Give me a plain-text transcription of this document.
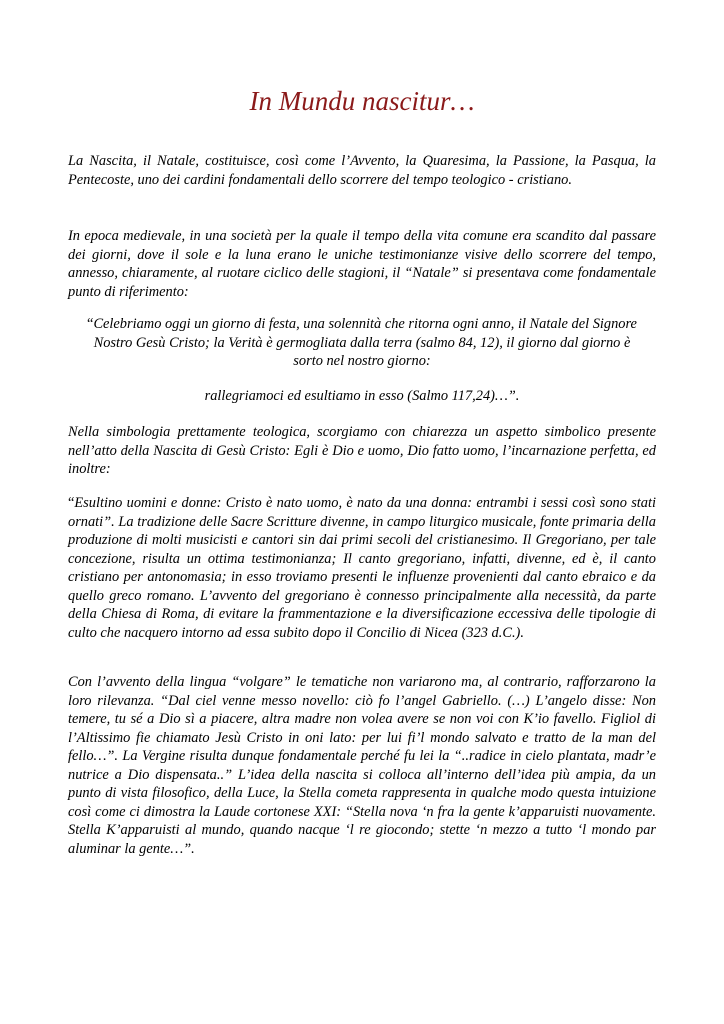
In Mundu nascitur…

La Nascita, il Natale, costituisce, così come l’Avvento, la Quaresima, la Passione, la Pasqua, la Pentecoste, uno dei cardini fondamentali dello scorrere del tempo teologico - cristiano.

In epoca medievale, in una società per la quale il tempo della vita comune era scandito dal passare dei giorni, dove il sole e la luna erano le uniche testimonianze visive dello scorrere del tempo, annesso, chiaramente, al ruotare ciclico delle stagioni, il “Natale” si presentava come fondamentale punto di riferimento:

“Celebriamo oggi un giorno di festa, una solennità che ritorna ogni anno, il Natale del Signore Nostro Gesù Cristo; la Verità è germogliata dalla terra (salmo 84, 12), il giorno dal giorno è sorto nel nostro giorno:

rallegriamoci ed esultiamo in esso (Salmo 117,24)…”.

Nella simbologia prettamente teologica, scorgiamo con chiarezza un aspetto simbolico presente nell’atto della Nascita di Gesù Cristo: Egli è Dio e uomo, Dio fatto uomo, l’incarnazione perfetta, ed inoltre:

“Esultino uomini e donne: Cristo è nato uomo, è nato da una donna: entrambi i sessi così sono stati ornati”. La tradizione delle Sacre Scritture divenne, in campo liturgico musicale, fonte primaria della produzione di molti musicisti e cantori sin dai primi secoli del cristianesimo. Il Gregoriano, per tale concezione, risulta un ottima testimonianza; Il canto gregoriano, infatti, divenne, ed è, il canto cristiano per antonomasia; in esso troviamo presenti le influenze provenienti dal canto ebraico e da quello greco romano. L’avvento del gregoriano è connesso principalmente alla necessità, da parte della Chiesa di Roma, di evitare la frammentazione e la diversificazione eccessiva delle tipologie di culto che nacquero intorno ad essa subito dopo il Concilio di Nicea (323 d.C.).

Con l’avvento della lingua “volgare” le tematiche non variarono ma, al contrario, rafforzarono la loro rilevanza. “Dal ciel venne messo novello: ciò fo l’angel Gabriello. (…) L’angelo disse: Non temere, tu sé a Dio sì a piacere, altra madre non volea avere se non voi con K’io favello. Figliol di l’Altissimo fie chiamato Jesù Cristo in oni lato: per lui fi’l mondo salvato e tratto de la man del fello…”. La Vergine risulta dunque fondamentale perché fu lei la “..radice in cielo plantata, madr’e nutrice a Dio dispensata..” L’idea della nascita si colloca all’interno dell’idea più ampia, da un punto di vista filosofico, della Luce, la Stella cometa rappresenta in qualche modo questa intuizione così come ci dimostra la Laude cortonese XXI: “Stella nova ‘n fra la gente k’apparuisti nuovamente. Stella K’apparuisti al mundo, quando nacque ‘l re giocondo; stette ‘n mezzo a tutto ‘l mondo par aluminar la gente…”.
